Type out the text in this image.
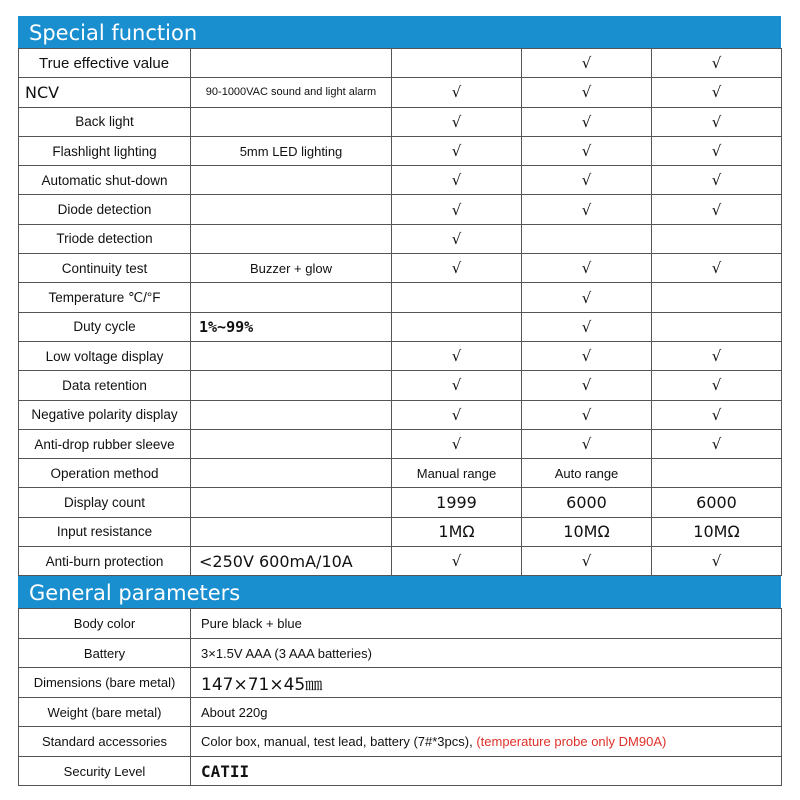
Special function
True effective value			√	√
NCV	90-1000VAC sound and light alarm	√	√	√
Back light		√	√	√
Flashlight lighting	5mm LED lighting	√	√	√
Automatic shut-down		√	√	√
Diode detection		√	√	√
Triode detection		√		
Continuity test	Buzzer + glow	√	√	√
Temperature ℃/°F			√	
Duty cycle	1%~99%		√	
Low voltage display		√	√	√
Data retention		√	√	√
Negative polarity display		√	√	√
Anti-drop rubber sleeve		√	√	√
Operation method		Manual range	Auto range	
Display count		1999	6000	6000
Input resistance		1MΩ	10MΩ	10MΩ
Anti-burn protection	<250V 600mA/10A	√	√	√
General parameters
Body color	Pure black + blue
Battery	3×1.5V AAA (3 AAA batteries)
Dimensions (bare metal)	147×71×45㎜
Weight (bare metal)	About 220g
Standard accessories	Color box, manual, test lead, battery (7#*3pcs), (temperature probe only DM90A)
Security Level	CATII
